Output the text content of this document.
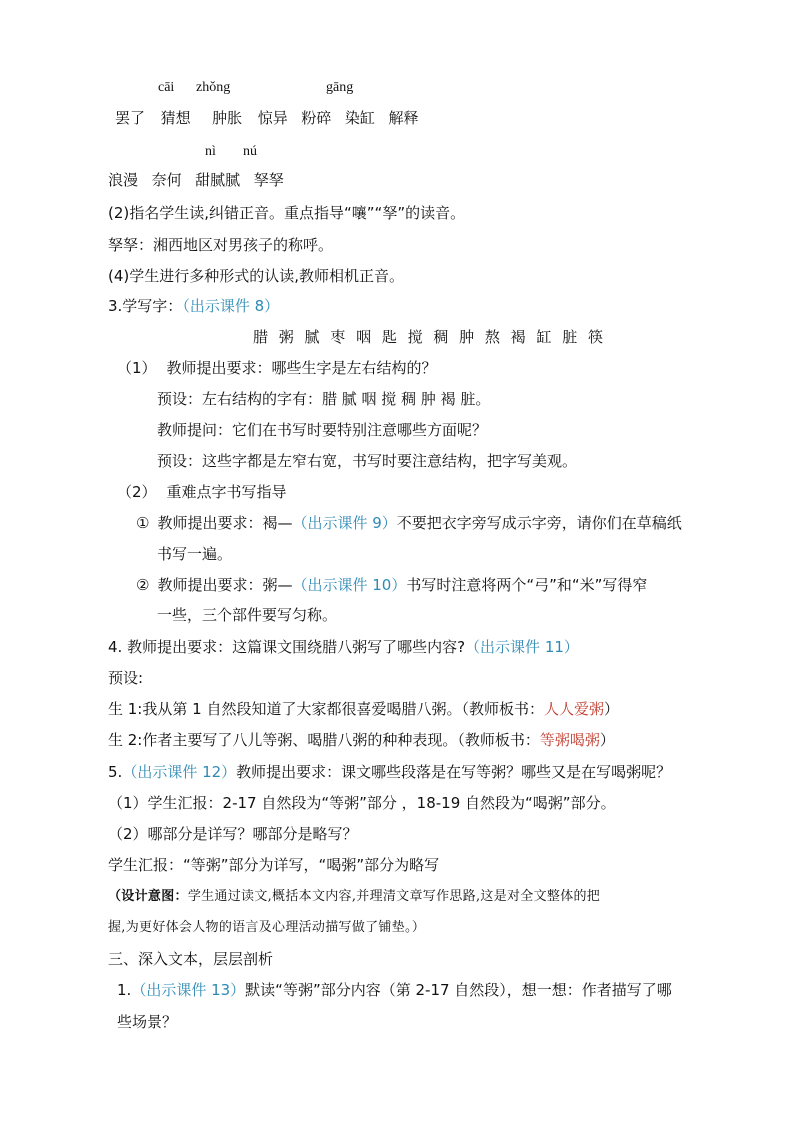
cāi zhǒng	gāng
罢了 猜想 肿胀 惊异 粉碎 染缸 解释
nì nú
浪漫 奈何 甜腻腻 孥孥
(2)指名学生读,纠错正音。重点指导“嚷”“孥”的读音。
孥孥：湘西地区对男孩子的称呼。
(4)学生进行多种形式的认读,教师相机正音。
3.学写字：（出示课件 8）
腊 粥 腻 枣 咽 匙 搅 稠 肿 熬 褐 缸 脏 筷
（1） 教师提出要求：哪些生字是左右结构的？
预设：左右结构的字有：腊 腻 咽 搅 稠 肿 褐 脏。
教师提问：它们在书写时要特别注意哪些方面呢？
预设：这些字都是左窄右宽，书写时要注意结构，把字写美观。
（2） 重难点字书写指导
① 教师提出要求：褐—（出示课件 9）不要把衣字旁写成示字旁，请你们在草稿纸
书写一遍。
② 教师提出要求：粥—（出示课件 10）书写时注意将两个“弓”和“米”写得窄
一些，三个部件要写匀称。
4. 教师提出要求：这篇课文围绕腊八粥写了哪些内容?（出示课件 11）
预设:
生 1:我从第 1 自然段知道了大家都很喜爱喝腊八粥。（教师板书：人人爱粥）
生 2:作者主要写了八儿等粥、喝腊八粥的种种表现。（教师板书：等粥喝粥）
5.（出示课件 12）教师提出要求：课文哪些段落是在写等粥？哪些又是在写喝粥呢？
（1）学生汇报：2-17 自然段为“等粥”部分 ，18-19 自然段为“喝粥”部分。
（2）哪部分是详写？哪部分是略写？
学生汇报：“等粥”部分为详写，“喝粥”部分为略写
（设计意图：学生通过读文,概括本文内容,并理清文章写作思路,这是对全文整体的把
握,为更好体会人物的语言及心理活动描写做了铺垫。）
三、深入文本，层层剖析
1.（出示课件 13）默读“等粥”部分内容（第 2-17 自然段），想一想：作者描写了哪
些场景？
